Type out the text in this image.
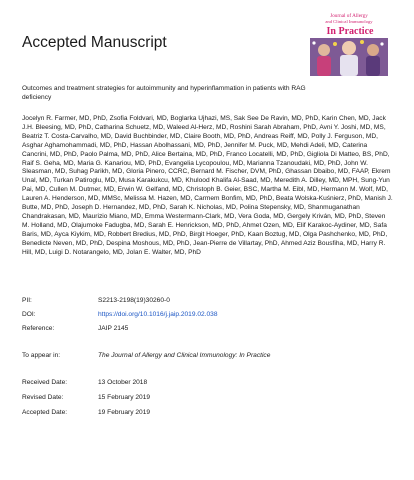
Accepted Manuscript
Journal of Allergy
and Clinical Immunology
In Practice
Outcomes and treatment strategies for autoimmunity and hyperinflammation in patients with RAG deficiency

Jocelyn R. Farmer, MD, PhD, Zsofia Foldvari, MD, Boglarka Ujhazi, MS, Sak See De Ravin, MD, PhD, Karin Chen, MD, Jack J.H. Bleesing, MD, PhD, Catharina Schuetz, MD, Waleed Al-Herz, MD, Roshini Sarah Abraham, PhD, Avni Y. Joshi, MD, MS, Beatriz T. Costa-Carvalho, MD, David Buchbinder, MD, Claire Booth, MD, PhD, Andreas Reiff, MD, Polly J. Ferguson, MD, Asghar Aghamohammadi, MD, PhD, Hassan Abolhassani, MD, PhD, Jennifer M. Puck, MD, Mehdi Adeli, MD, Caterina Cancrini, MD, PhD, Paolo Palma, MD, PhD, Alice Bertaina, MD, PhD, Franco Locatelli, MD, PhD, Gigliola Di Matteo, BS, PhD, Raif S. Geha, MD, Maria G. Kanariou, MD, PhD, Evangelia Lycopoulou, MD, Marianna Tzanoudaki, MD, PhD, John W. Sleasman, MD, Suhag Parikh, MD, Gloria Pinero, CCRC, Bernard M. Fischer, DVM, PhD, Ghassan Dbaibo, MD, FAAP, Ekrem Unal, MD, Turkan Patiroglu, MD, Musa Karakukcu, MD, Khulood Khalifa Al-Saad, MD, Meredith A. Dilley, MD, MPH, Sung-Yun Pai, MD, Cullen M. Dutmer, MD, Erwin W. Gelfand, MD, Christoph B. Geier, BSC, Martha M. Eibl, MD, Hermann M. Wolf, MD, Lauren A. Henderson, MD, MMSc, Melissa M. Hazen, MD, Carmem Bonfim, MD, PhD, Beata Wolska-Kuśnierz, PhD, Manish J. Butte, MD, PhD, Joseph D. Hernandez, MD, PhD, Sarah K. Nicholas, MD, Polina Stepensky, MD, Shanmuganathan Chandrakasan, MD, Maurizio Miano, MD, Emma Westermann-Clark, MD, Vera Goda, MD, Gergely Kriván, MD, PhD, Steven M. Holland, MD, Olajumoke Fadugba, MD, Sarah E. Henrickson, MD, PhD, Ahmet Ozen, MD, Elif Karakoc-Aydiner, MD, Safa Baris, MD, Ayca Kiykim, MD, Robbert Bredius, MD, PhD, Birgit Hoeger, PhD, Kaan Boztug, MD, Olga Pashchenko, MD, PhD, Benedicte Neven, MD, PhD, Despina Moshous, MD, PhD, Jean-Pierre de Villartay, PhD, Ahmed Aziz Bousfiha, MD, Harry R. Hill, MD, Luigi D. Notarangelo, MD, Jolan E. Walter, MD, PhD

PII:	S2213-2198(19)30260-0
DOI:	https://doi.org/10.1016/j.jaip.2019.02.038
Reference:	JAIP 2145
To appear in:	The Journal of Allergy and Clinical Immunology: In Practice
Received Date:	13 October 2018
Revised Date:	15 February 2019
Accepted Date:	19 February 2019
